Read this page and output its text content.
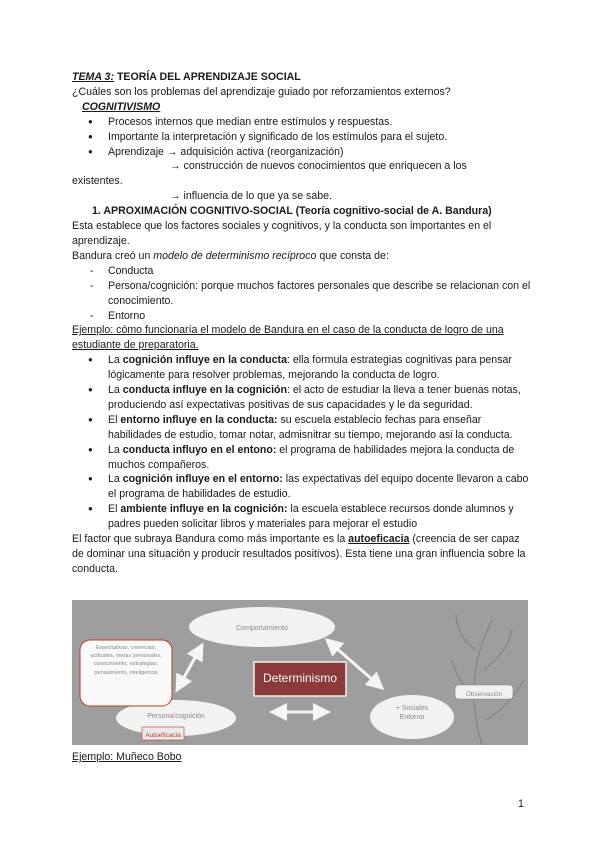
TEMA 3: TEORÍA DEL APRENDIZAJE SOCIAL

¿Cuáles son los problemas del aprendizaje guiado por reforzamientos externos?

COGNITIVISMO

● Procesos internos que median entre estímulos y respuestas.
● Importante la interpretación y significado de los estímulos para el sujeto.
● Aprendizaje → adquisición activa (reorganización)

→ construcción de nuevos conocimientos que enriquecen a los

existentes.

→ influencia de lo que ya se sabe.

1. APROXIMACIÓN COGNITIVO-SOCIAL (Teoría cognitivo-social de A. Bandura)

Esta establece que los factores sociales y cognitivos, y la conducta son importantes en el aprendizaje.

Bandura creó un modelo de determinismo recíproco que consta de:

- Conducta
- Persona/cognición: porque muchos factores personales que describe se relacionan con el conocimiento.
- Entorno

Ejemplo: cómo funcionaría el modelo de Bandura en el caso de la conducta de logro de una estudiante de preparatoria.

● La cognición influye en la conducta: ella formula estrategias cognitivas para pensar lógicamente para resolver problemas, mejorando la conducta de logro.
● La conducta influye en la cognición: el acto de estudiar la lleva a tener buenas notas, produciendo así expectativas positivas de sus capacidades y le da seguridad.
● El entorno influye en la conducta: su escuela establecio fechas para enseñar habilidades de estudio, tomar notar, admisnitrar su tiempo, mejorando asi la conducta.
● La conducta influyo en el entono: el programa de habilidades mejora la conducta de muchos compañeros.
● La cognición influye en el entorno: las expectativas del equipo docente llevaron a cabo el programa de habilidades de estudio.
● El ambiente influye en la cognición: la escuela establece recursos donde alumnos y padres pueden solicitar libros y materiales para mejorar el estudio

El factor que subraya Bandura como más importante es la autoeficacia (creencia de ser capaz de dominar una situación y producir resultados positivos). Esta tiene una gran influencia sobre la conducta.

Comportamiento
Determinismo
Persona/cognición
Autoeficacia
+ Sociales
Entorno
Observación
Expectativas, creencias, actitudes, metas personales, conocimiento, estrategias, pensamiento, inteligencia

Ejemplo: Muñeco Bobo

1
